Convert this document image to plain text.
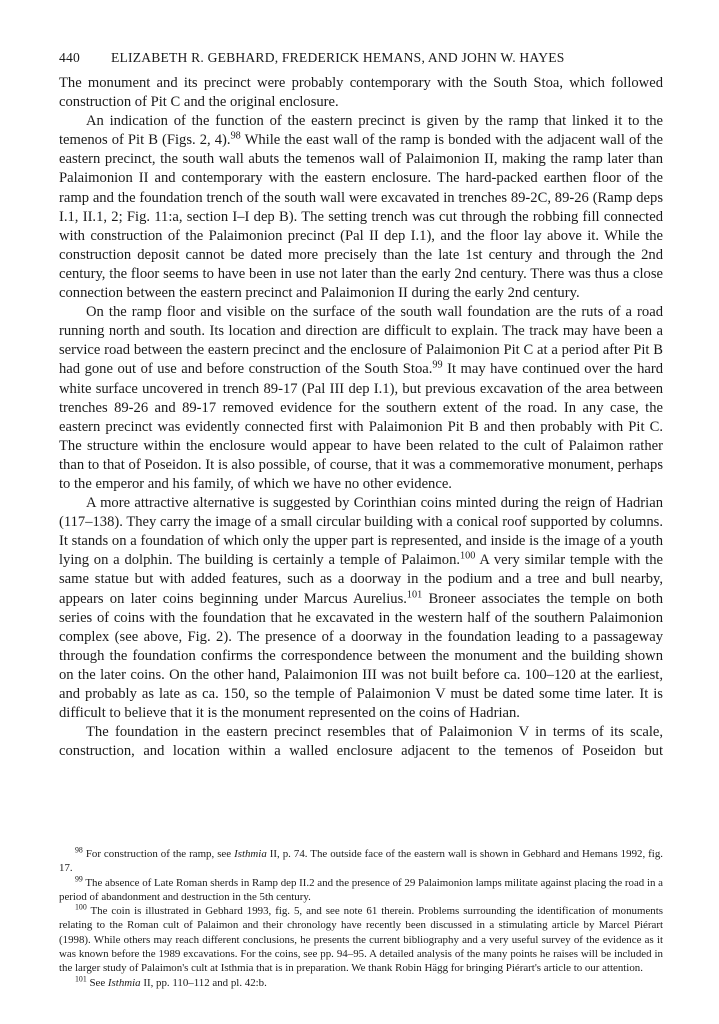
440	ELIZABETH R. GEBHARD, FREDERICK HEMANS, AND JOHN W. HAYES

The monument and its precinct were probably contemporary with the South Stoa, which followed construction of Pit C and the original enclosure.

An indication of the function of the eastern precinct is given by the ramp that linked it to the temenos of Pit B (Figs. 2, 4).$^{98}$ While the east wall of the ramp is bonded with the adjacent wall of the eastern precinct, the south wall abuts the temenos wall of Palaimonion II, making the ramp later than Palaimonion II and contemporary with the eastern enclosure. The hard-packed earthen floor of the ramp and the foundation trench of the south wall were excavated in trenches 89-2C, 89-26 (Ramp deps I.1, II.1, 2; Fig. 11:a, section I–I dep B). The setting trench was cut through the robbing fill connected with construction of the Palaimonion precinct (Pal II dep I.1), and the floor lay above it. While the construction deposit cannot be dated more precisely than the late 1st century and through the 2nd century, the floor seems to have been in use not later than the early 2nd century. There was thus a close connection between the eastern precinct and Palaimonion II during the early 2nd century.

On the ramp floor and visible on the surface of the south wall foundation are the ruts of a road running north and south. Its location and direction are difficult to explain. The track may have been a service road between the eastern precinct and the enclosure of Palaimonion Pit C at a period after Pit B had gone out of use and before construction of the South Stoa.$^{99}$ It may have continued over the hard white surface uncovered in trench 89-17 (Pal III dep I.1), but previous excavation of the area between trenches 89-26 and 89-17 removed evidence for the southern extent of the road. In any case, the eastern precinct was evidently connected first with Palaimonion Pit B and then probably with Pit C. The structure within the enclosure would appear to have been related to the cult of Palaimon rather than to that of Poseidon. It is also possible, of course, that it was a commemorative monument, perhaps to the emperor and his family, of which we have no other evidence.

A more attractive alternative is suggested by Corinthian coins minted during the reign of Hadrian (117–138). They carry the image of a small circular building with a conical roof supported by columns. It stands on a foundation of which only the upper part is represented, and inside is the image of a youth lying on a dolphin. The building is certainly a temple of Palaimon.$^{100}$ A very similar temple with the same statue but with added features, such as a doorway in the podium and a tree and bull nearby, appears on later coins beginning under Marcus Aurelius.$^{101}$ Broneer associates the temple on both series of coins with the foundation that he excavated in the western half of the southern Palaimonion complex (see above, Fig. 2). The presence of a doorway in the foundation leading to a passageway through the foundation confirms the correspondence between the monument and the building shown on the later coins. On the other hand, Palaimonion III was not built before ca. 100–120 at the earliest, and probably as late as ca. 150, so the temple of Palaimonion V must be dated some time later. It is difficult to believe that it is the monument represented on the coins of Hadrian.

The foundation in the eastern precinct resembles that of Palaimonion V in terms of its scale, construction, and location within a walled enclosure adjacent to the temenos of Poseidon but

$^{98}$ For construction of the ramp, see Isthmia II, p. 74. The outside face of the eastern wall is shown in Gebhard and Hemans 1992, fig. 17.

$^{99}$ The absence of Late Roman sherds in Ramp dep II.2 and the presence of 29 Palaimonion lamps militate against placing the road in a period of abandonment and destruction in the 5th century.

$^{100}$ The coin is illustrated in Gebhard 1993, fig. 5, and see note 61 therein. Problems surrounding the identification of monuments relating to the Roman cult of Palaimon and their chronology have recently been discussed in a stimulating article by Marcel Piérart (1998). While others may reach different conclusions, he presents the current bibliography and a very useful survey of the evidence as it was known before the 1989 excavations. For the coins, see pp. 94–95. A detailed analysis of the many points he raises will be included in the larger study of Palaimon's cult at Isthmia that is in preparation. We thank Robin Hägg for bringing Piérart's article to our attention.

$^{101}$ See Isthmia II, pp. 110–112 and pl. 42:b.
